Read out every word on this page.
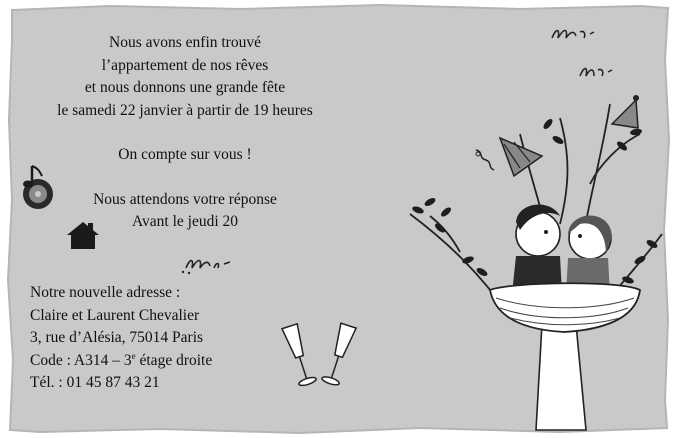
Nous avons enfin trouvé
l’appartement de nos rêves
et nous donnons une grande fête
le samedi 22 janvier à partir de 19 heures
On compte sur vous !
Nous attendons votre réponse
Avant le jeudi 20
Notre nouvelle adresse :
Claire et Laurent Chevalier
3, rue d’Alésia, 75014 Paris
Code : A314 – 3e étage droite
Tél. : 01 45 87 43 21
